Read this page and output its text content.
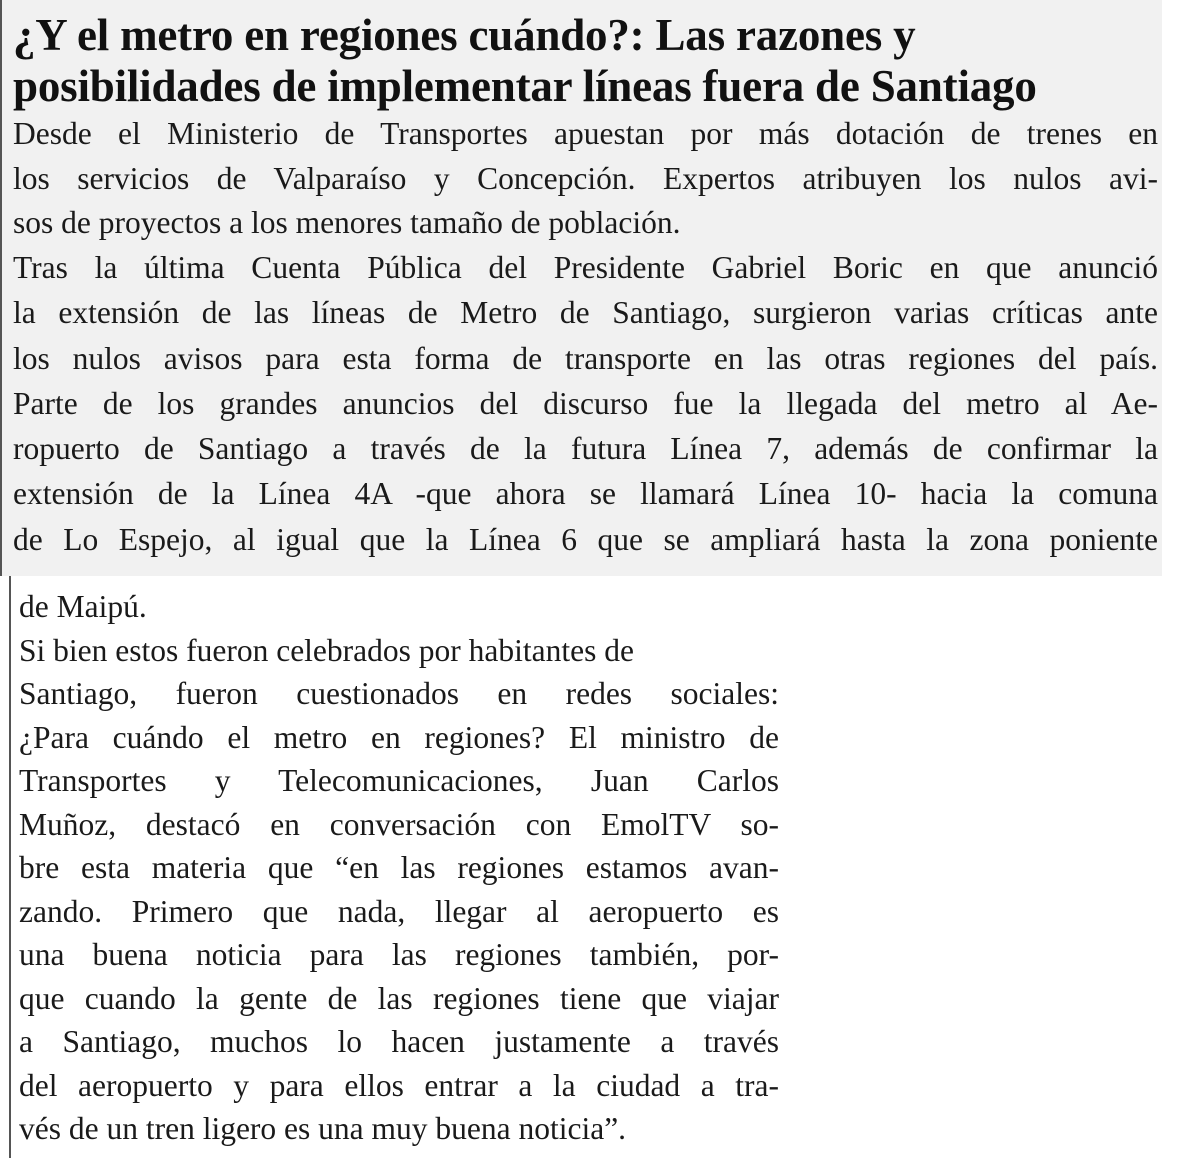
¿Y el metro en regiones cuándo?: Las razones y
posibilidades de implementar líneas fuera de Santiago

Desde el Ministerio de Transportes apuestan por más dotación de trenes en
los servicios de Valparaíso y Concepción. Expertos atribuyen los nulos avi-
sos de proyectos a los menores tamaño de población.

Tras la última Cuenta Pública del Presidente Gabriel Boric en que anunció
la extensión de las líneas de Metro de Santiago, surgieron varias críticas ante
los nulos avisos para esta forma de transporte en las otras regiones del país.
Parte de los grandes anuncios del discurso fue la llegada del metro al Ae-
ropuerto de Santiago a través de la futura Línea 7, además de confirmar la
extensión de la Línea 4A -que ahora se llamará Línea 10- hacia la comuna
de Lo Espejo, al igual que la Línea 6 que se ampliará hasta la zona poniente

de Maipú.
Si bien estos fueron celebrados por habitantes de
Santiago, fueron cuestionados en redes sociales:
¿Para cuándo el metro en regiones? El ministro de
Transportes y Telecomunicaciones, Juan Carlos
Muñoz, destacó en conversación con EmolTV so-
bre esta materia que “en las regiones estamos avan-
zando. Primero que nada, llegar al aeropuerto es
una buena noticia para las regiones también, por-
que cuando la gente de las regiones tiene que viajar
a Santiago, muchos lo hacen justamente a través
del aeropuerto y para ellos entrar a la ciudad a tra-
vés de un tren ligero es una muy buena noticia”.
